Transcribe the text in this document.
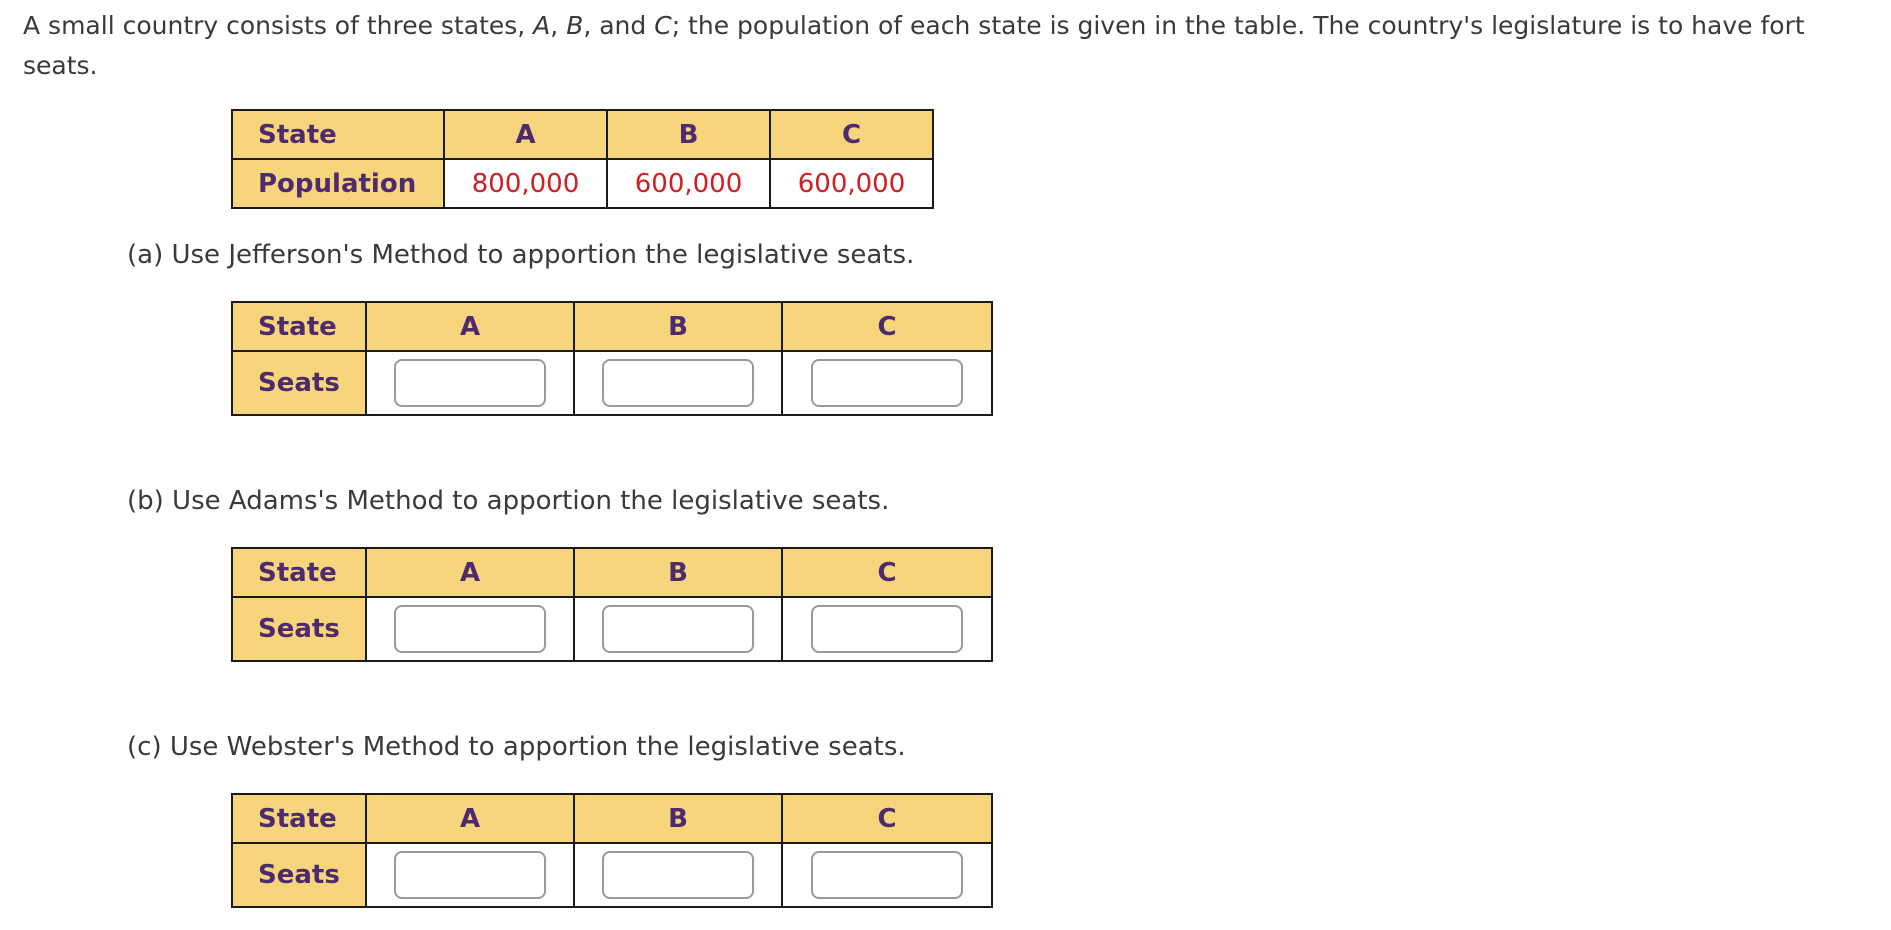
A small country consists of three states, A, B, and C; the population of each state is given in the table. The country's legislature is to have fort
seats.
State	A	B	C
Population	800,000	600,000	600,000
(a) Use Jefferson's Method to apportion the legislative seats.
State	A	B	C
Seats	

(b) Use Adams's Method to apportion the legislative seats.
State	A	B	C
Seats	

(c) Use Webster's Method to apportion the legislative seats.
State	A	B	C
Seats	
